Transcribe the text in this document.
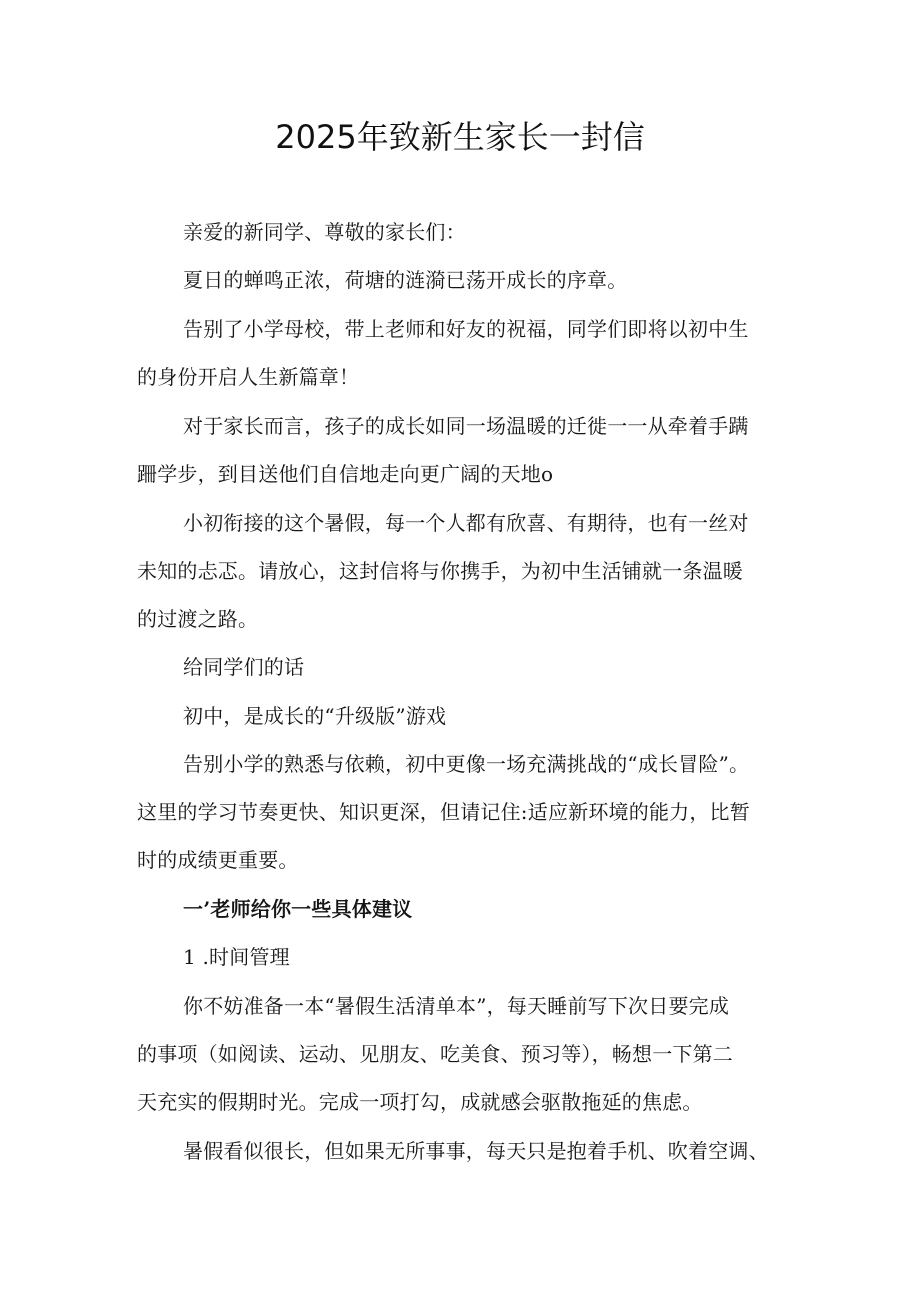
2025年致新生家长一封信
亲爱的新同学、尊敬的家长们：
夏日的蝉鸣正浓，荷塘的涟漪已荡开成长的序章。
告别了小学母校，带上老师和好友的祝福，同学们即将以初中生
的身份开启人生新篇章！
对于家长而言，孩子的成长如同一场温暖的迁徙一一从牵着手蹒
跚学步，到目送他们自信地走向更广阔的天地o
小初衔接的这个暑假，每一个人都有欣喜、有期待，也有一丝对
未知的忐忑。请放心，这封信将与你携手，为初中生活铺就一条温暖
的过渡之路。
给同学们的话
初中，是成长的“升级版”游戏
告别小学的熟悉与依赖，初中更像一场充满挑战的“成长冒险”。
这里的学习节奏更快、知识更深，但请记住:适应新环境的能力，比暂
时的成绩更重要。
一’老师给你一些具体建议
1 .时间管理
你不妨准备一本“暑假生活清单本”，每天睡前写下次日要完成
的事项（如阅读、运动、见朋友、吃美食、预习等），畅想一下第二
天充实的假期时光。完成一项打勾，成就感会驱散拖延的焦虑。
暑假看似很长，但如果无所事事，每天只是抱着手机、吹着空调、
